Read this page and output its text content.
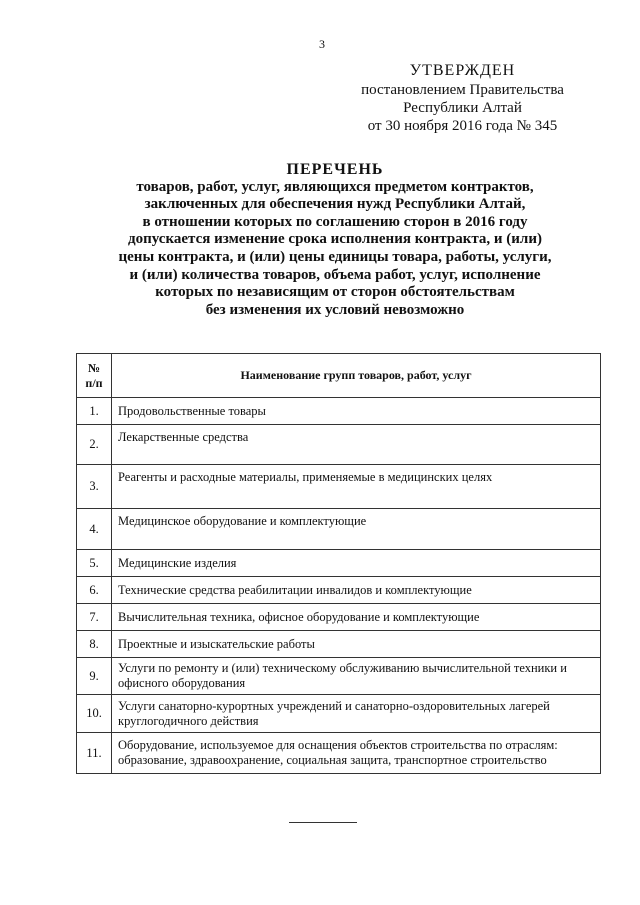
3
УТВЕРЖДЕН
постановлением Правительства
Республики Алтай
от 30 ноября 2016 года № 345
ПЕРЕЧЕНЬ
товаров, работ, услуг, являющихся предметом контрактов,
заключенных для обеспечения нужд Республики Алтай,
в отношении которых по соглашению сторон в 2016 году
допускается изменение срока исполнения контракта, и (или)
цены контракта, и (или) цены единицы товара, работы, услуги,
и (или) количества товаров, объема работ, услуг, исполнение
которых по независящим от сторон обстоятельствам
без изменения их условий невозможно
№
п/п	Наименование групп товаров, работ, услуг
1.	Продовольственные товары
2.	Лекарственные средства
3.	Реагенты и расходные материалы, применяемые в медицинских целях
4.	Медицинское оборудование и комплектующие
5.	Медицинские изделия
6.	Технические средства реабилитации инвалидов и комплектующие
7.	Вычислительная техника, офисное оборудование и комплектующие
8.	Проектные и изыскательские работы
9.	Услуги по ремонту и (или) техническому обслуживанию вычислительной техники и офисного оборудования
10.	Услуги санаторно-курортных учреждений и санаторно-оздоровительных лагерей круглогодичного действия
11.	Оборудование, используемое для оснащения объектов строительства по отраслям: образование, здравоохранение, социальная защита, транспортное строительство
